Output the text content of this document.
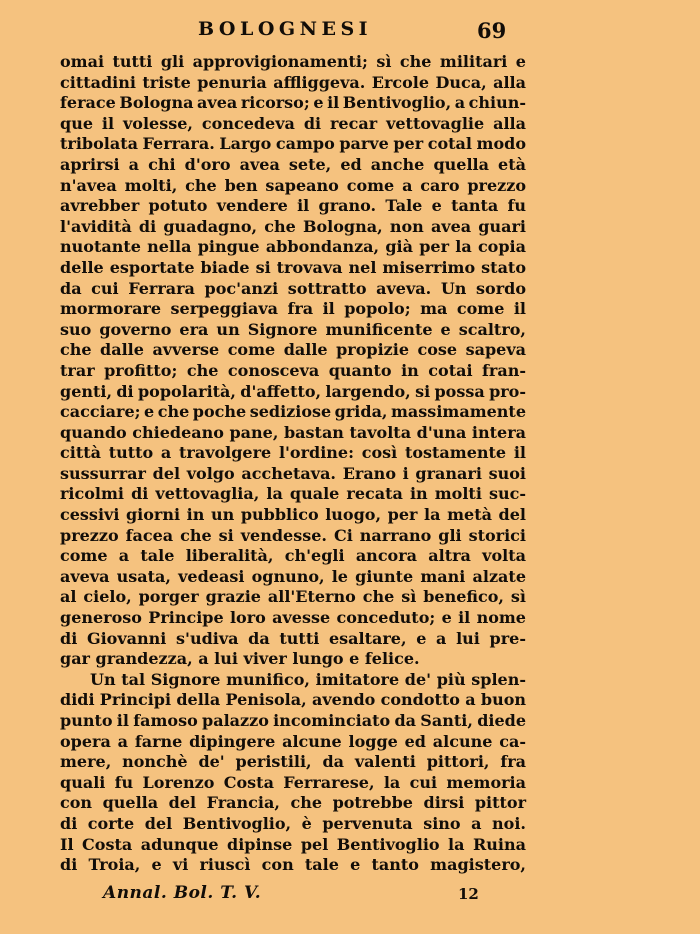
BOLOGNESI	69
omai tutti gli approvigionamenti; sì che militari e
cittadini triste penuria affliggeva. Ercole Duca, alla
ferace Bologna avea ricorso; e il Bentivoglio, a chiun-
que il volesse, concedeva di recar vettovaglie alla
tribolata Ferrara. Largo campo parve per cotal modo
aprirsi a chi d'oro avea sete, ed anche quella età
n'avea molti, che ben sapeano come a caro prezzo
avrebber potuto vendere il grano. Tale e tanta fu
l'avidità di guadagno, che Bologna, non avea guari
nuotante nella pingue abbondanza, già per la copia
delle esportate biade si trovava nel miserrimo stato
da cui Ferrara poc'anzi sottratto aveva. Un sordo
mormorare serpeggiava fra il popolo; ma come il
suo governo era un Signore munificente e scaltro,
che dalle avverse come dalle propizie cose sapeva
trar profitto; che conosceva quanto in cotai fran-
genti, di popolarità, d'affetto, largendo, si possa pro-
cacciare; e che poche sediziose grida, massimamente
quando chiedeano pane, bastan tavolta d'una intera
città tutto a travolgere l'ordine: così tostamente il
sussurrar del volgo acchetava. Erano i granari suoi
ricolmi di vettovaglia, la quale recata in molti suc-
cessivi giorni in un pubblico luogo, per la metà del
prezzo facea che si vendesse. Ci narrano gli storici
come a tale liberalità, ch'egli ancora altra volta
aveva usata, vedeasi ognuno, le giunte mani alzate
al cielo, porger grazie all'Eterno che sì benefico, sì
generoso Principe loro avesse conceduto; e il nome
di Giovanni s'udiva da tutti esaltare, e a lui pre-
gar grandezza, a lui viver lungo e felice.
Un tal Signore munifico, imitatore de' più splen-
didi Principi della Penisola, avendo condotto a buon
punto il famoso palazzo incominciato da Santi, diede
opera a farne dipingere alcune logge ed alcune ca-
mere, nonchè de' peristili, da valenti pittori, fra
quali fu Lorenzo Costa Ferrarese, la cui memoria
con quella del Francia, che potrebbe dirsi pittor
di corte del Bentivoglio, è pervenuta sino a noi.
Il Costa adunque dipinse pel Bentivoglio la Ruina
di Troia, e vi riuscì con tale e tanto magistero,
Annal. Bol. T. V.	12
